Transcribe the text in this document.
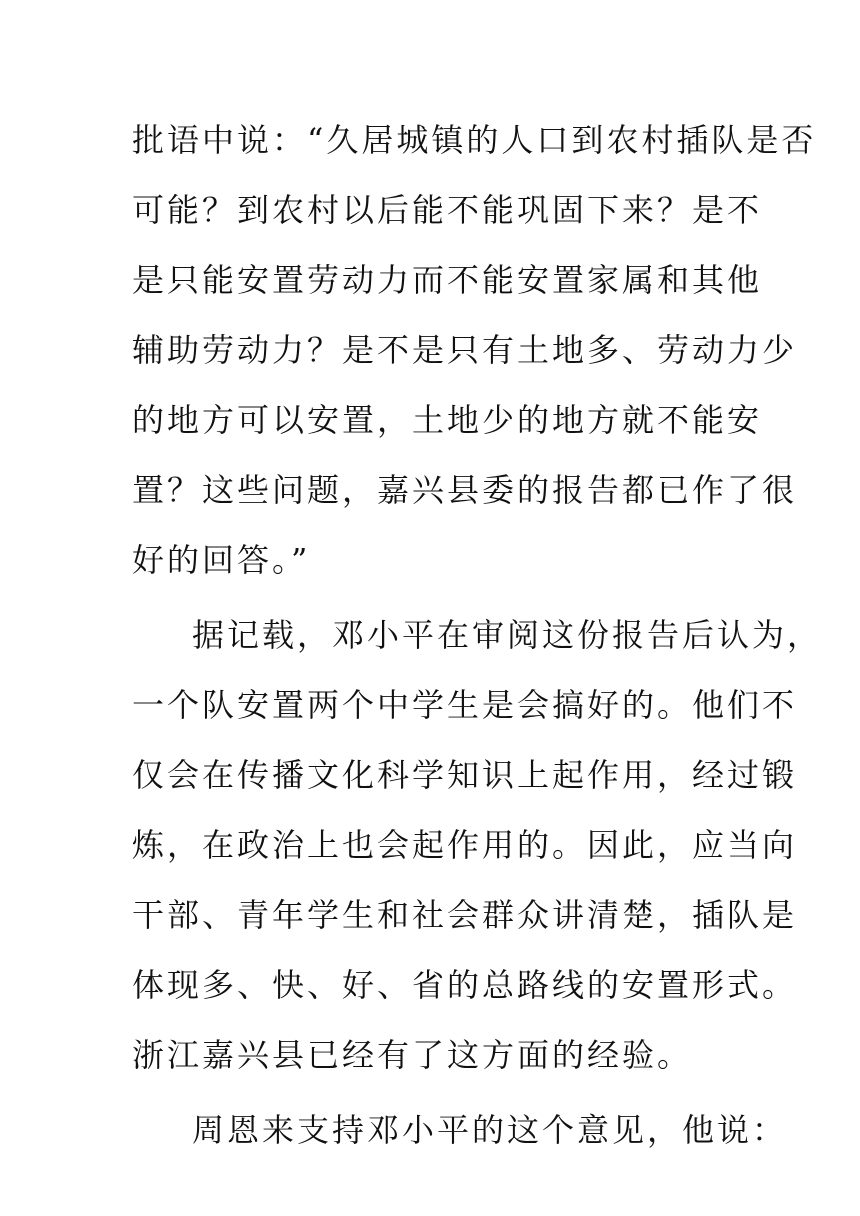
批语中说：“久居城镇的人口到农村插队是否
可能？到农村以后能不能巩固下来？是不
是只能安置劳动力而不能安置家属和其他
辅助劳动力？是不是只有土地多、劳动力少
的地方可以安置，土地少的地方就不能安
置？这些问题，嘉兴县委的报告都已作了很
好的回答。”
据记载，邓小平在审阅这份报告后认为，
一个队安置两个中学生是会搞好的。他们不
仅会在传播文化科学知识上起作用，经过锻
炼，在政治上也会起作用的。因此，应当向
干部、青年学生和社会群众讲清楚，插队是
体现多、快、好、省的总路线的安置形式。
浙江嘉兴县已经有了这方面的经验。
周恩来支持邓小平的这个意见，他说：
